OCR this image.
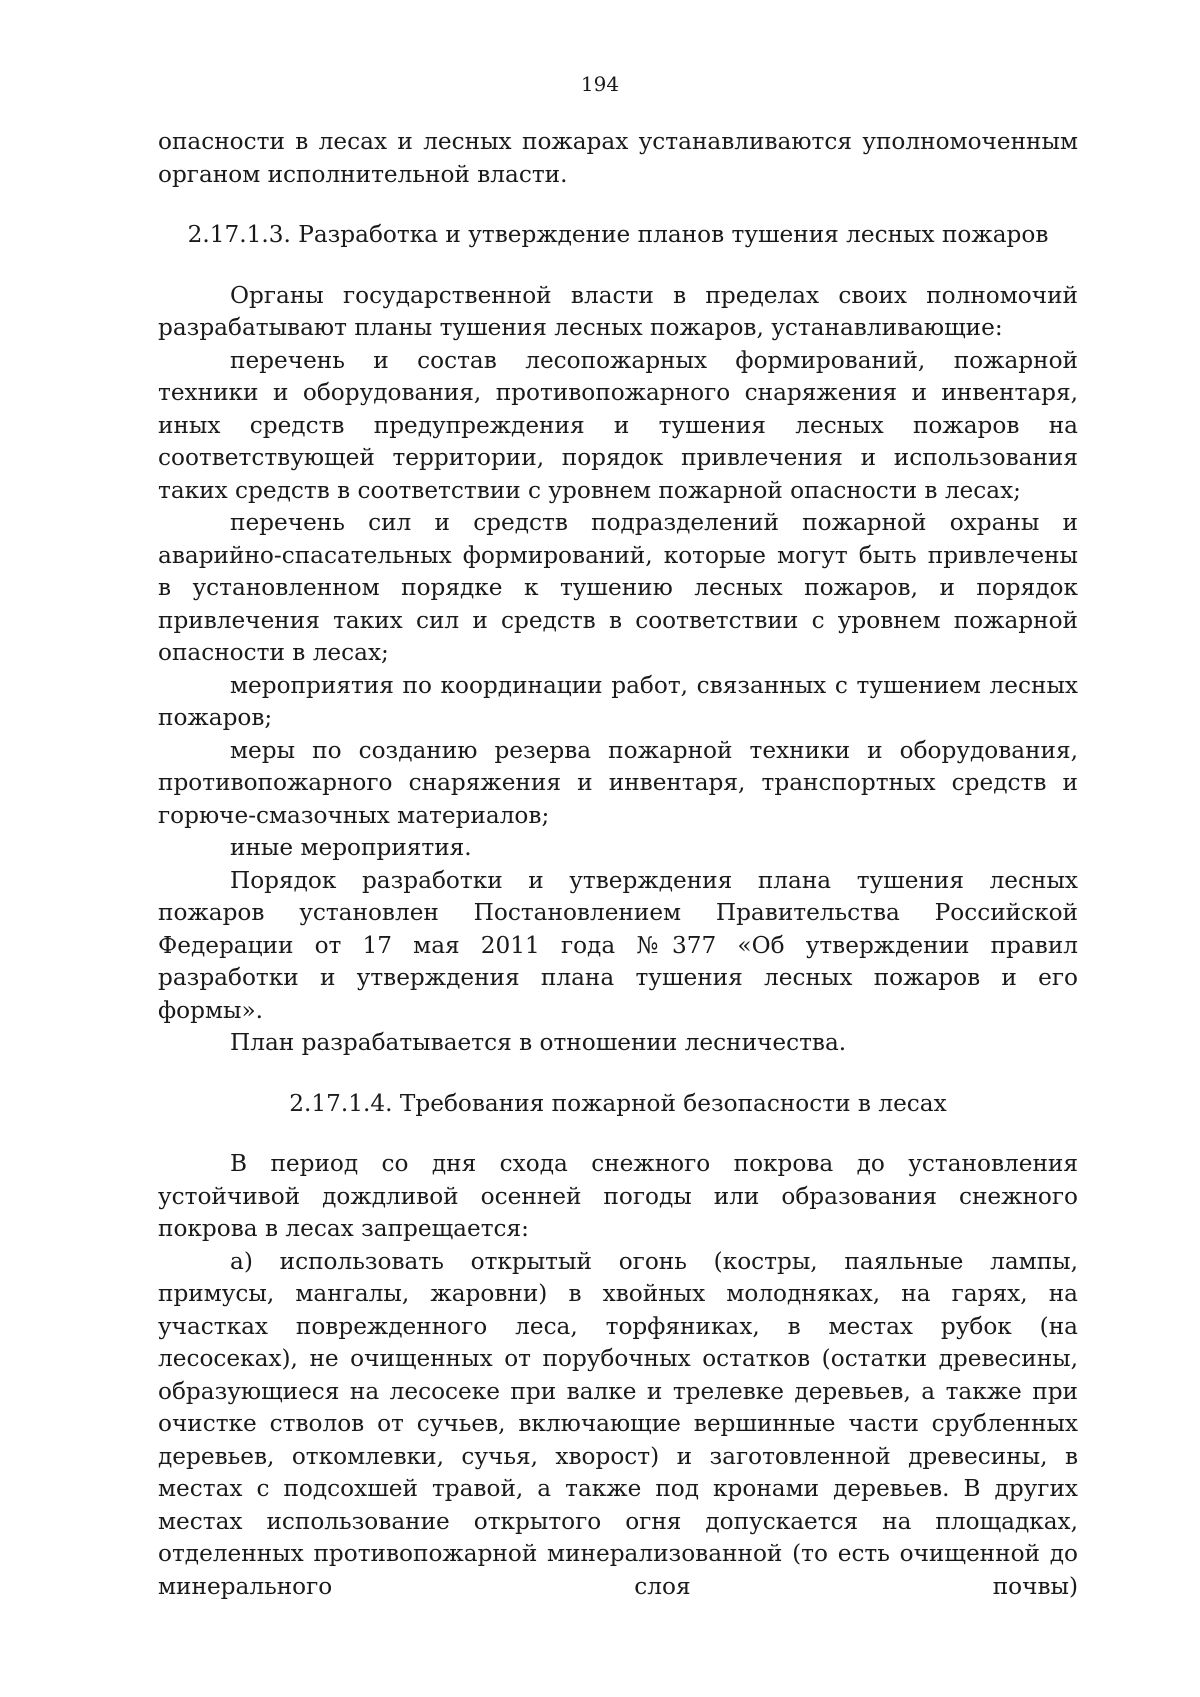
194

опасности в лесах и лесных пожарах устанавливаются уполномоченным органом исполнительной власти.

2.17.1.3. Разработка и утверждение планов тушения лесных пожаров

Органы государственной власти в пределах своих полномочий разрабатывают планы тушения лесных пожаров, устанавливающие:

перечень и состав лесопожарных формирований, пожарной техники и оборудования, противопожарного снаряжения и инвентаря, иных средств предупреждения и тушения лесных пожаров на соответствующей территории, порядок привлечения и использования таких средств в соответствии с уровнем пожарной опасности в лесах;

перечень сил и средств подразделений пожарной охраны и аварийно-спасательных формирований, которые могут быть привлечены в установленном порядке к тушению лесных пожаров, и порядок привлечения таких сил и средств в соответствии с уровнем пожарной опасности в лесах;

мероприятия по координации работ, связанных с тушением лесных пожаров;

меры по созданию резерва пожарной техники и оборудования, противопожарного снаряжения и инвентаря, транспортных средств и горюче-смазочных материалов;

иные мероприятия.

Порядок разработки и утверждения плана тушения лесных пожаров установлен Постановлением Правительства Российской Федерации от 17 мая 2011 года №377 «Об утверждении правил разработки и утверждения плана тушения лесных пожаров и его формы».

План разрабатывается в отношении лесничества.

2.17.1.4. Требования пожарной безопасности в лесах

В период со дня схода снежного покрова до установления устойчивой дождливой осенней погоды или образования снежного покрова в лесах запрещается:

а) использовать открытый огонь (костры, паяльные лампы, примусы, мангалы, жаровни) в хвойных молодняках, на гарях, на участках поврежденного леса, торфяниках, в местах рубок (на лесосеках), не очищенных от порубочных остатков (остатки древесины, образующиеся на лесосеке при валке и трелевке деревьев, а также при очистке стволов от сучьев, включающие вершинные части срубленных деревьев, откомлевки, сучья, хворост) и заготовленной древесины, в местах с подсохшей травой, а также под кронами деревьев. В других местах использование открытого огня допускается на площадках, отделенных противопожарной минерализованной (то есть очищенной до минерального слоя почвы)
